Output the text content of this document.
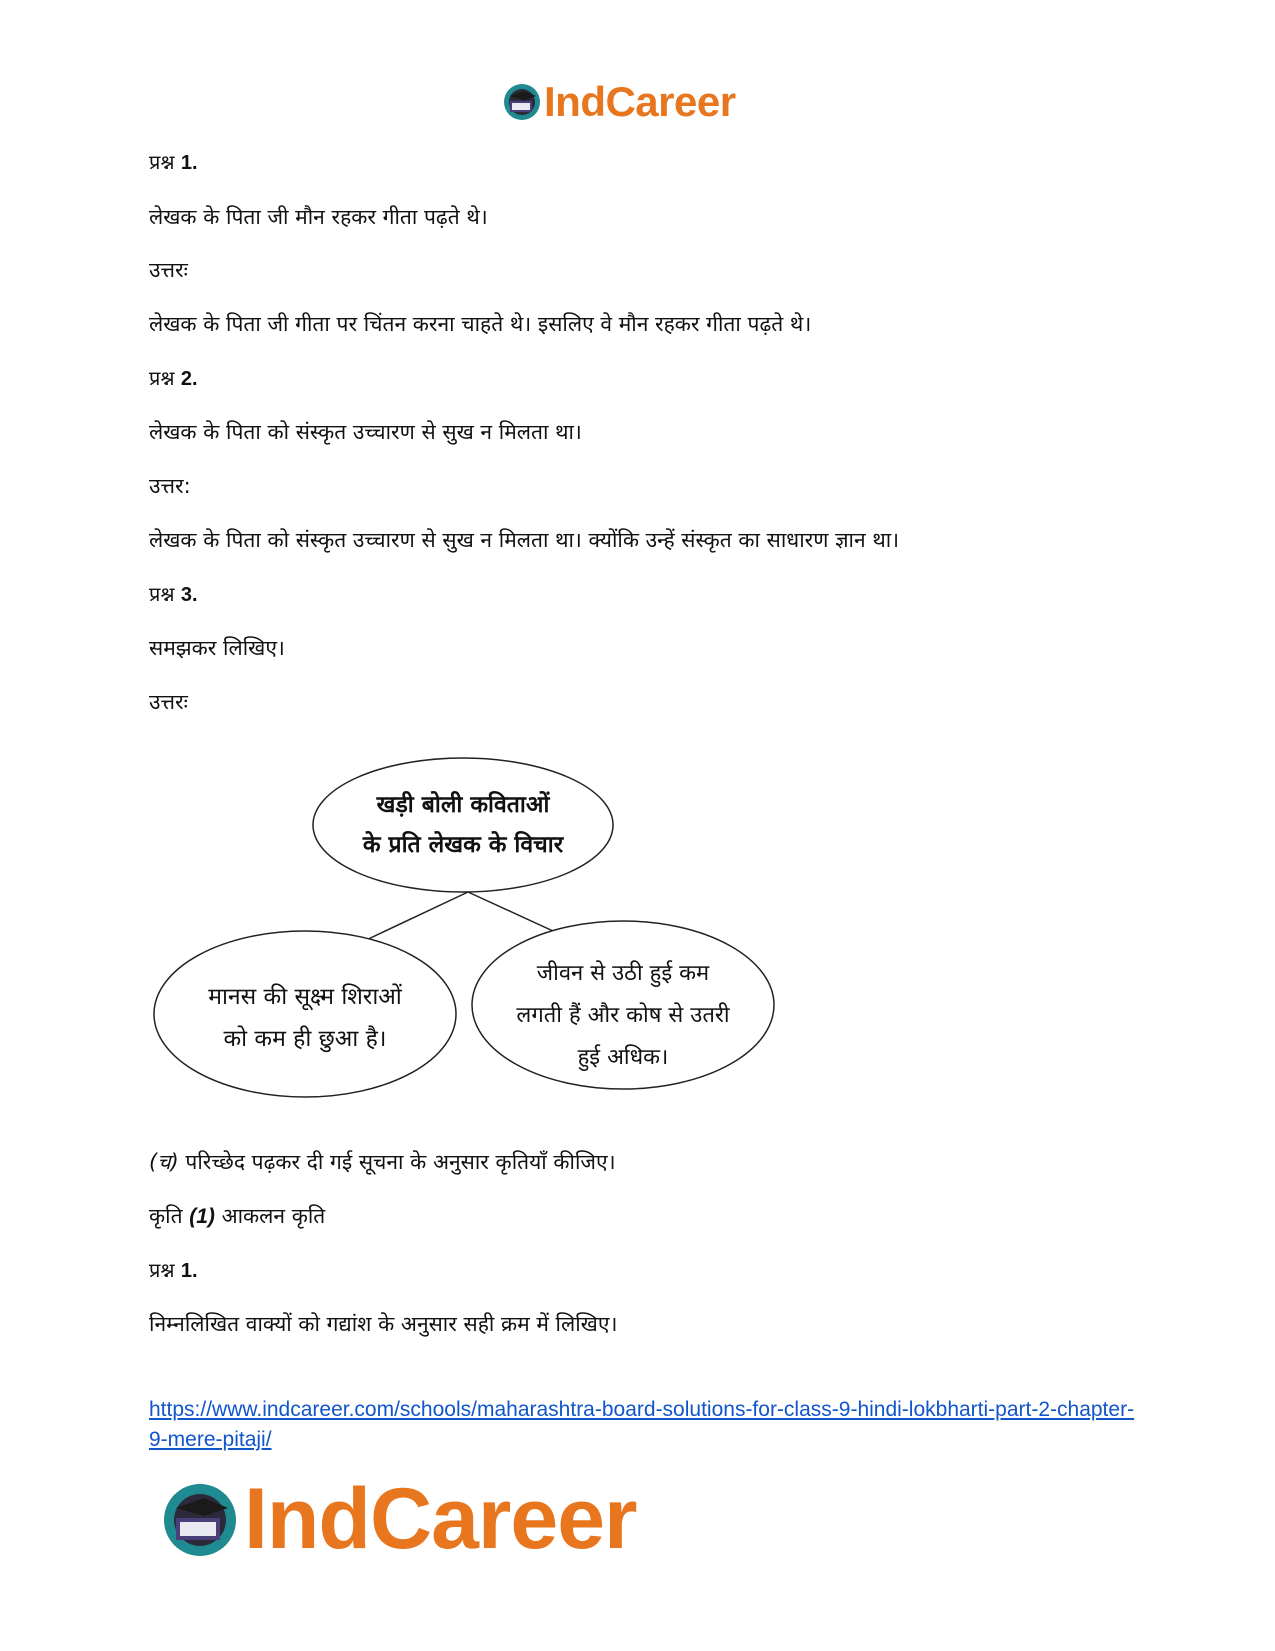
IndCareer
प्रश्न 1.
लेखक के पिता जी मौन रहकर गीता पढ़ते थे।
उत्तरः
लेखक के पिता जी गीता पर चिंतन करना चाहते थे। इसलिए वे मौन रहकर गीता पढ़ते थे।
प्रश्न 2.
लेखक के पिता को संस्कृत उच्चारण से सुख न मिलता था।
उत्तर:
लेखक के पिता को संस्कृत उच्चारण से सुख न मिलता था। क्योंकि उन्हें संस्कृत का साधारण ज्ञान था।
प्रश्न 3.
समझकर लिखिए।
उत्तरः
खड़ी बोली कविताओं
के प्रति लेखक के विचार
मानस की सूक्ष्म शिराओं
को कम ही छुआ है।
जीवन से उठी हुई कम
लगती हैं और कोष से उतरी
हुई अधिक।
(च) परिच्छेद पढ़कर दी गई सूचना के अनुसार कृतियाँ कीजिए।
कृति (1) आकलन कृति
प्रश्न 1.
निम्नलिखित वाक्यों को गद्यांश के अनुसार सही क्रम में लिखिए।
https://www.indcareer.com/schools/maharashtra-board-solutions-for-class-9-hindi-lokbharti-part-2-chapter-9-mere-pitaji/
IndCareer
